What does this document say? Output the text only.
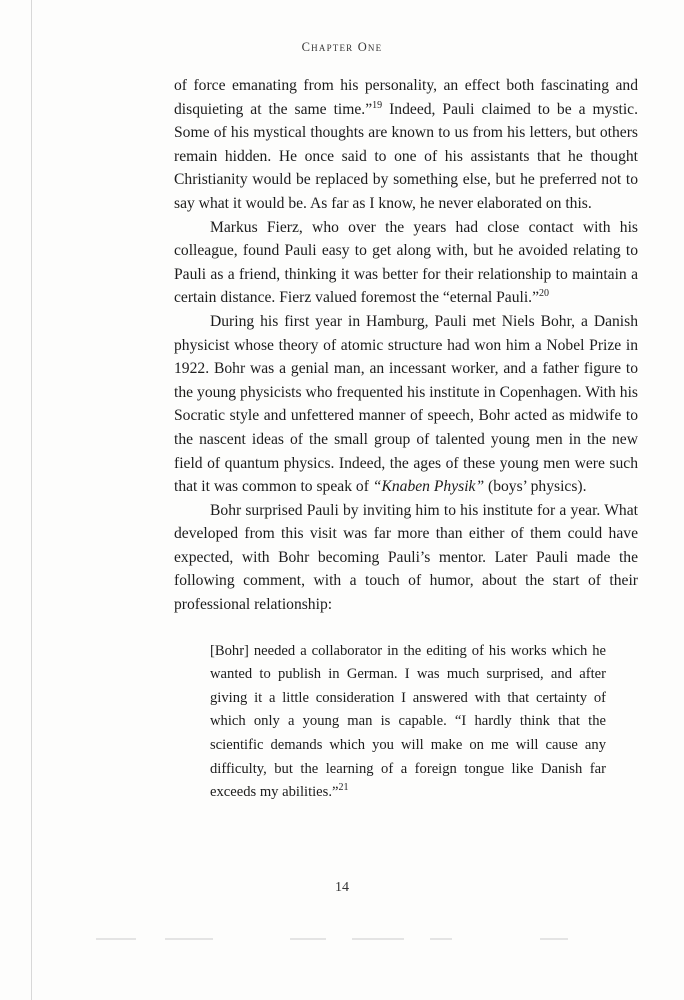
Chapter One

of force emanating from his personality, an effect both fascinating and disquieting at the same time.”$^{19}$ Indeed, Pauli claimed to be a mystic. Some of his mystical thoughts are known to us from his letters, but others remain hidden. He once said to one of his assistants that he thought Christianity would be replaced by something else, but he preferred not to say what it would be. As far as I know, he never elaborated on this.

Markus Fierz, who over the years had close contact with his colleague, found Pauli easy to get along with, but he avoided relating to Pauli as a friend, thinking it was better for their relationship to maintain a certain distance. Fierz valued foremost the “eternal Pauli.”$^{20}$

During his first year in Hamburg, Pauli met Niels Bohr, a Danish physicist whose theory of atomic structure had won him a Nobel Prize in 1922. Bohr was a genial man, an incessant worker, and a father figure to the young physicists who frequented his institute in Copenhagen. With his Socratic style and unfettered manner of speech, Bohr acted as midwife to the nascent ideas of the small group of talented young men in the new field of quantum physics. Indeed, the ages of these young men were such that it was common to speak of “Knaben Physik” (boys’ physics).

Bohr surprised Pauli by inviting him to his institute for a year. What developed from this visit was far more than either of them could have expected, with Bohr becoming Pauli’s mentor. Later Pauli made the following comment, with a touch of humor, about the start of their professional relationship:

[Bohr] needed a collaborator in the editing of his works which he wanted to publish in German. I was much surprised, and after giving it a little consideration I answered with that certainty of which only a young man is capable. “I hardly think that the scientific demands which you will make on me will cause any difficulty, but the learning of a foreign tongue like Danish far exceeds my abilities.”$^{21}$

14
